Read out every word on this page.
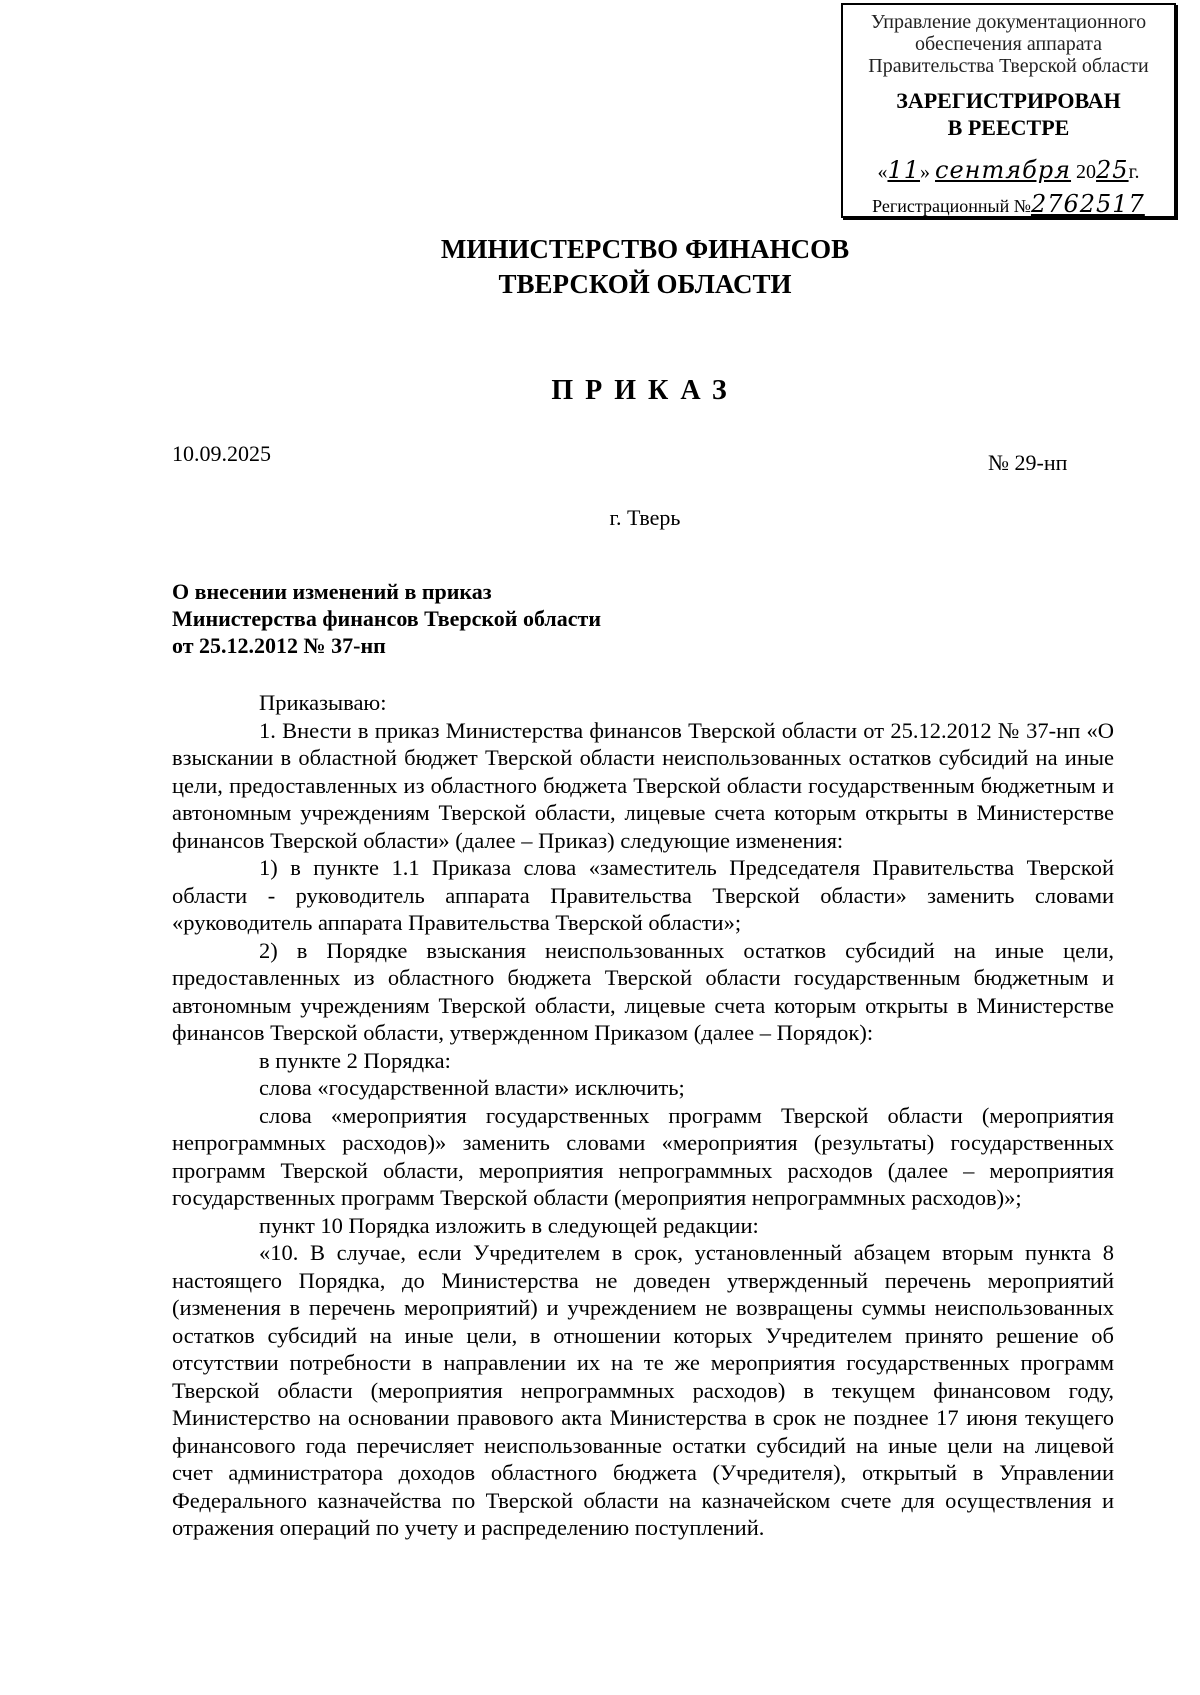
Управление документационного
обеспечения аппарата
Правительства Тверской области
ЗАРЕГИСТРИРОВАН
В РЕЕСТРЕ
«11» сентября 2025г.
Регистрационный №2762517
МИНИСТЕРСТВО ФИНАНСОВ
ТВЕРСКОЙ ОБЛАСТИ
ПРИКАЗ
10.09.2025	№ 29-нп
г. Тверь
О внесении изменений в приказ
Министерства финансов Тверской области
от 25.12.2012 № 37-нп

Приказываю:

1. Внести в приказ Министерства финансов Тверской области от 25.12.2012 № 37-нп «О взыскании в областной бюджет Тверской области неиспользованных остатков субсидий на иные цели, предоставленных из областного бюджета Тверской области государственным бюджетным и автономным учреждениям Тверской области, лицевые счета которым открыты в Министерстве финансов Тверской области» (далее – Приказ) следующие изменения:

1) в пункте 1.1 Приказа слова «заместитель Председателя Правительства Тверской области - руководитель аппарата Правительства Тверской области» заменить словами «руководитель аппарата Правительства Тверской области»;

2) в Порядке взыскания неиспользованных остатков субсидий на иные цели, предоставленных из областного бюджета Тверской области государственным бюджетным и автономным учреждениям Тверской области, лицевые счета которым открыты в Министерстве финансов Тверской области, утвержденном Приказом (далее – Порядок):

в пункте 2 Порядка:

слова «государственной власти» исключить;

слова «мероприятия государственных программ Тверской области (мероприятия непрограммных расходов)» заменить словами «мероприятия (результаты) государственных программ Тверской области, мероприятия непрограммных расходов (далее – мероприятия государственных программ Тверской области (мероприятия непрограммных расходов)»;

пункт 10 Порядка изложить в следующей редакции:

«10. В случае, если Учредителем в срок, установленный абзацем вторым пункта 8 настоящего Порядка, до Министерства не доведен утвержденный перечень мероприятий (изменения в перечень мероприятий) и учреждением не возвращены суммы неиспользованных остатков субсидий на иные цели, в отношении которых Учредителем принято решение об отсутствии потребности в направлении их на те же мероприятия государственных программ Тверской области (мероприятия непрограммных расходов) в текущем финансовом году, Министерство на основании правового акта Министерства в срок не позднее 17 июня текущего финансового года перечисляет неиспользованные остатки субсидий на иные цели на лицевой счет администратора доходов областного бюджета (Учредителя), открытый в Управлении Федерального казначейства по Тверской области на казначейском счете для осуществления и отражения операций по учету и распределению поступлений.
